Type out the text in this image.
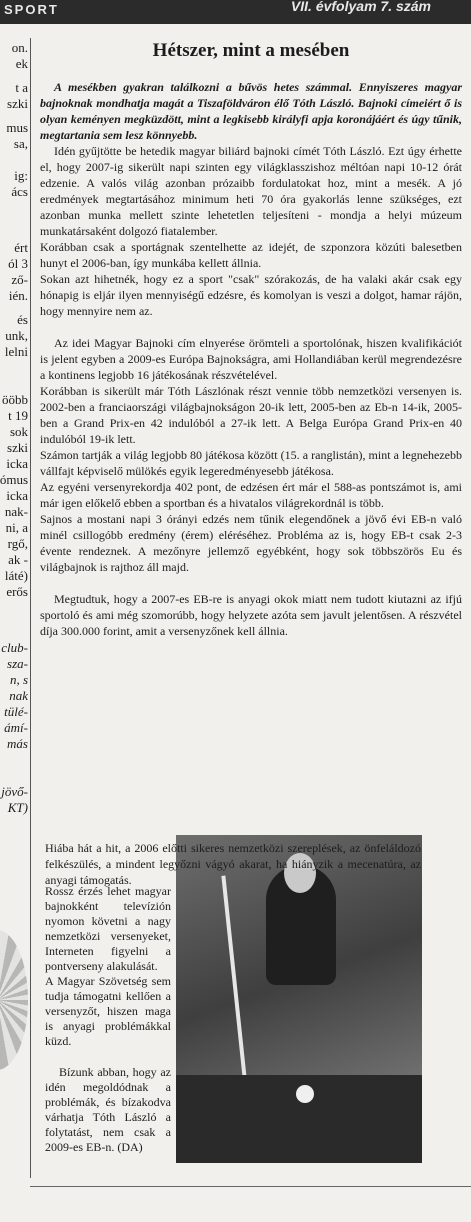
SPORT	VII. évfolyam 7. szám
on.
ek
t a
szki
mus
sa,
ig:
ács
ért
ól 3
ző-
ién.
és
unk,
lelni
ööbb
t 19
sok
szki
icka
ómus
icka
nak-
ni, a
rgő,
ak -
láté)
erős
club-
sza-
n, s
nak
tülé-
ámí-
más
jövő-
KT)
Hétszer, mint a mesében

A mesékben gyakran találkozni a bűvös hetes számmal. Ennyiszeres magyar bajnoknak mondhatja magát a Tiszaföldváron élő Tóth László. Bajnoki címeiért ő is olyan keményen megküzdött, mint a legkisebb királyfi apja koronájáért és úgy tűnik, megtartania sem lesz könnyebb.

Idén gyűjtötte be hetedik magyar biliárd bajnoki címét Tóth László. Ezt úgy érhette el, hogy 2007-ig sikerült napi szinten egy világklasszishoz méltóan napi 10-12 órát edzenie. A valós világ azonban prózaibb fordulatokat hoz, mint a mesék. A jó eredmények megtartásához minimum heti 70 óra gyakorlás lenne szükséges, ezt azonban munka mellett szinte lehetetlen teljesíteni - mondja a helyi múzeum munkatársaként dolgozó fiatalember.

Korábban csak a sportágnak szentelhette az idejét, de szponzora közúti balesetben hunyt el 2006-ban, így munkába kellett állnia.

Sokan azt hihetnék, hogy ez a sport "csak" szórakozás, de ha valaki akár csak egy hónapig is eljár ilyen mennyiségű edzésre, és komolyan is veszi a dolgot, hamar rájön, hogy mennyire nem az.

Az idei Magyar Bajnoki cím elnyerése örömteli a sportolónak, hiszen kvalifikációt is jelent egyben a 2009-es Európa Bajnokságra, ami Hollandiában kerül megrendezésre a kontinens legjobb 16 játékosának részvételével.

Korábban is sikerült már Tóth Lászlónak részt vennie több nemzetközi versenyen is. 2002-ben a franciaországi világbajnokságon 20-ik lett, 2005-ben az Eb-n 14-ik, 2005-ben a Grand Prix-en 42 indulóból a 27-ik lett. A Belga Európa Grand Prix-en 40 indulóból 19-ik lett.

Számon tartják a világ legjobb 80 játékosa között (15. a ranglistán), mint a legnehezebb vállfajt képviselő mülökés egyik legeredményesebb játékosa.

Az egyéni versenyrekordja 402 pont, de edzésen ért már el 588-as pontszámot is, ami már igen előkelő ebben a sportban és a hivatalos világrekordnál is több.

Sajnos a mostani napi 3 órányi edzés nem tűnik elegendőnek a jövő évi EB-n való minél csillogóbb eredmény (érem) eléréséhez. Probléma az is, hogy EB-t csak 2-3 évente rendeznek. A mezőnyre jellemző egyébként, hogy sok többszörös Eu és világbajnok is rajthoz áll majd.

Megtudtuk, hogy a 2007-es EB-re is anyagi okok miatt nem tudott kiutazni az ifjú sportoló és ami még szomorúbb, hogy helyzete azóta sem javult jelentősen. A részvétel díja 300.000 forint, amit a versenyzőnek kell állnia.

Hiába hát a hit, a 2006 előtti sikeres nemzetközi szereplések, az önfeláldozó felkészülés, a mindent legyőzni vágyó akarat, ha hiányzik a mecenatúra, az anyagi támogatás.

Rossz érzés lehet magyar bajnokként televízión nyomon követni a nagy nemzetközi versenyeket, Interneten figyelni a pontverseny alakulását.

A Magyar Szövetség sem tudja támogatni kellően a versenyzőt, hiszen maga is anyagi problémákkal küzd.

Bízunk abban, hogy az idén megoldódnak a problémák, és bízakodva várhatja Tóth László a folytatást, nem csak a 2009-es EB-n. (DA)
